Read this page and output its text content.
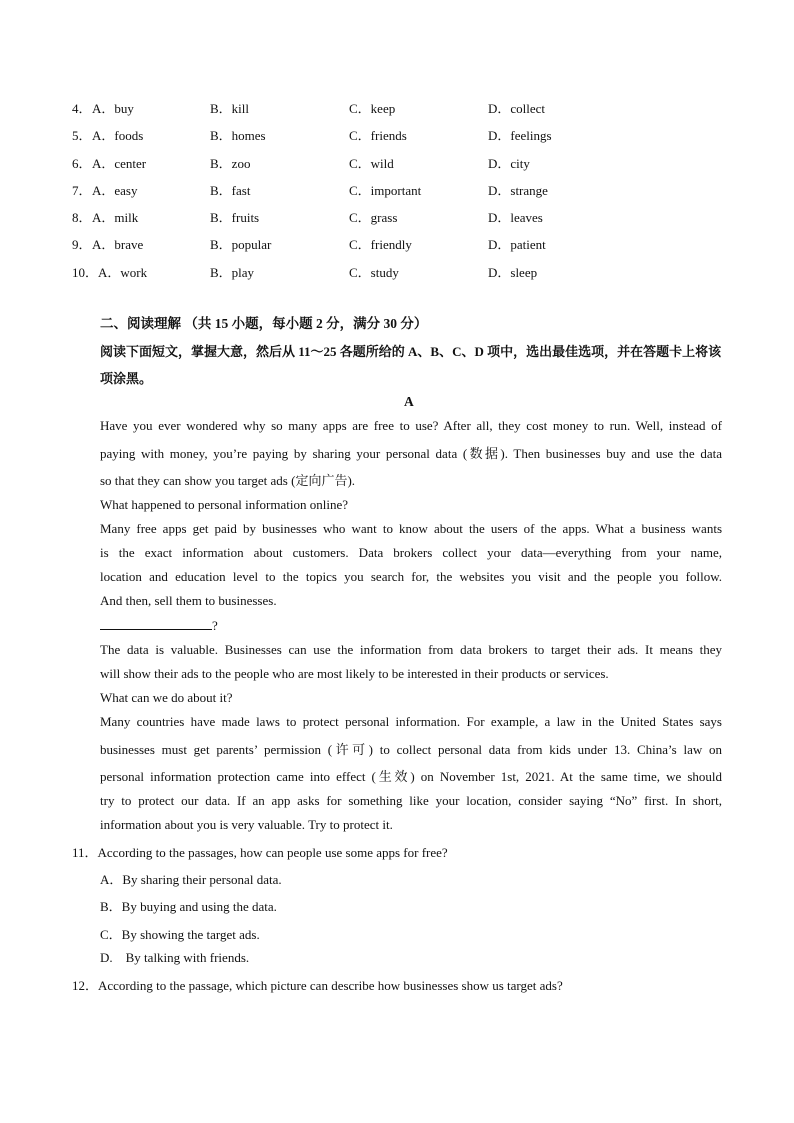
4． A．buy	B．kill	C．keep	D．collect
5． A．foods	B．homes	C．friends	D．feelings
6． A．center	B．zoo	C．wild	D．city
7． A．easy	B．fast	C．important	D．strange
8． A．milk	B．fruits	C．grass	D．leaves
9． A．brave	B．popular	C．friendly	D．patient
10． A．work	B．play	C．study	D．sleep
二、阅读理解 （共 15 小题，每小题 2 分，满分 30 分）
阅读下面短文，掌握大意，然后从 11～25 各题所给的 A、B、C、D 项中，选出最佳选项，并在答题卡上将该项涂黑。
A
Have you ever wondered why so many apps are free to use? After all, they cost money to run. Well, instead of
paying with money, you’re paying by sharing your personal data (数据). Then businesses buy and use the data
so that they can show you target ads (定向广告).
What happened to personal information online?
Many free apps get paid by businesses who want to know about the users of the apps. What a business wants
is the exact information about customers. Data brokers collect your data—everything from your name,
location and education level to the topics you search for, the websites you visit and the people you follow.
And then, sell them to businesses.
?
The data is valuable. Businesses can use the information from data brokers to target their ads. It means they
will show their ads to the people who are most likely to be interested in their products or services.
What can we do about it?
Many countries have made laws to protect personal information. For example, a law in the United States says
businesses must get parents’ permission (许可) to collect personal data from kids under 13. China’s law on
personal information protection came into effect (生效) on November 1st, 2021. At the same time, we should
try to protect our data. If an app asks for something like your location, consider saying “No” first. In short,
information about you is very valuable. Try to protect it.
11．According to the passages, how can people use some apps for free?
A．By sharing their personal data.
B．By buying and using the data.
C．By showing the target ads.
D.    By talking with friends.
12．According to the passage, which picture can describe how businesses show us target ads?
